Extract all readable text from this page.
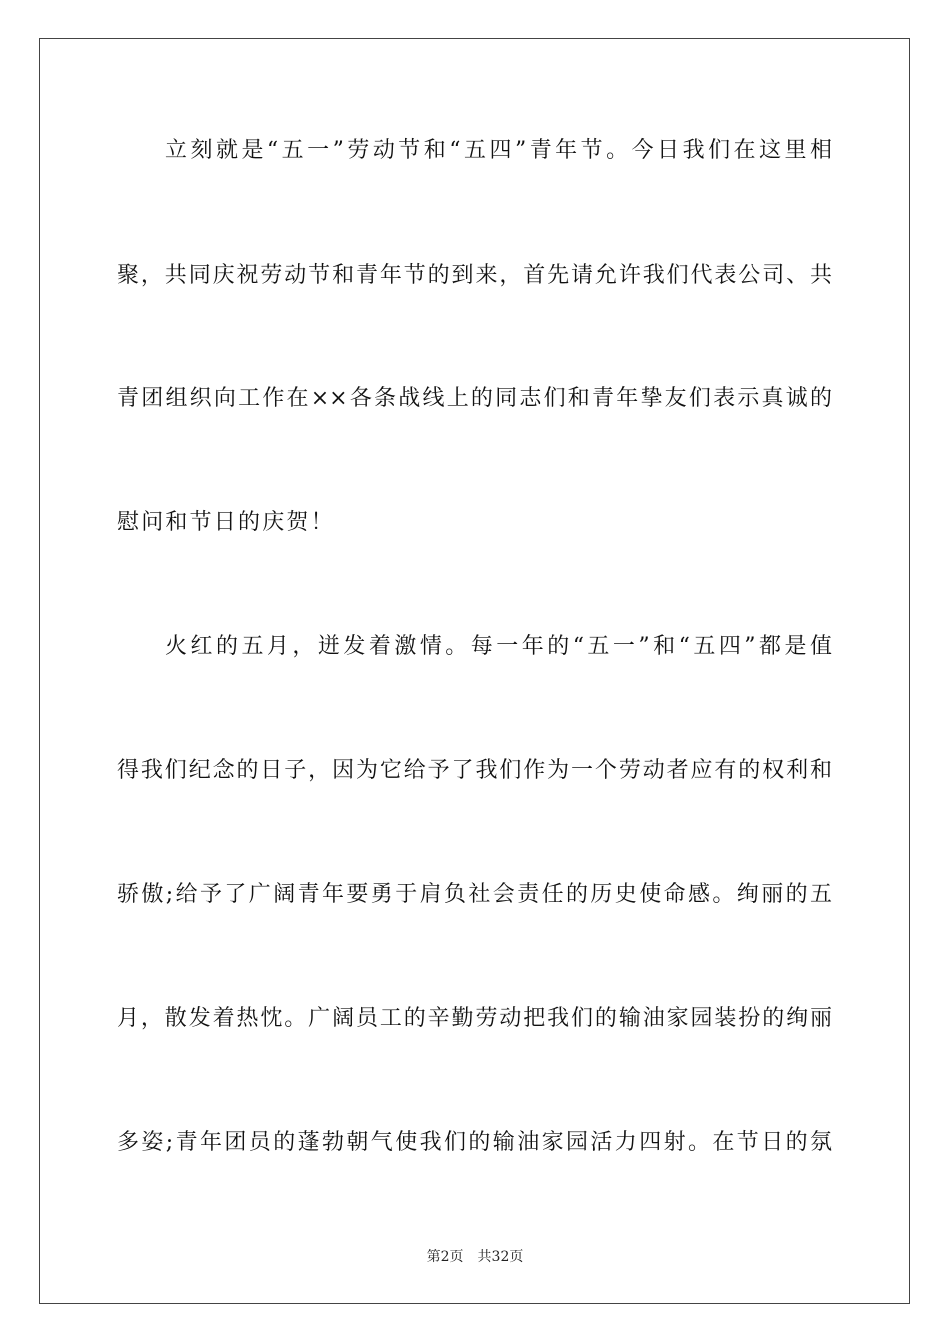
立刻就是“五一”劳动节和“五四”青年节。今日我们在这里相
聚，共同庆祝劳动节和青年节的到来，首先请允许我们代表公司、共
青团组织向工作在××各条战线上的同志们和青年挚友们表示真诚的
慰问和节日的庆贺！
火红的五月，迸发着激情。每一年的“五一”和“五四”都是值
得我们纪念的日子，因为它给予了我们作为一个劳动者应有的权利和
骄傲;给予了广阔青年要勇于肩负社会责任的历史使命感。绚丽的五
月，散发着热忱。广阔员工的辛勤劳动把我们的输油家园装扮的绚丽
多姿;青年团员的蓬勃朝气使我们的输油家园活力四射。在节日的氛
第2页 共32页
